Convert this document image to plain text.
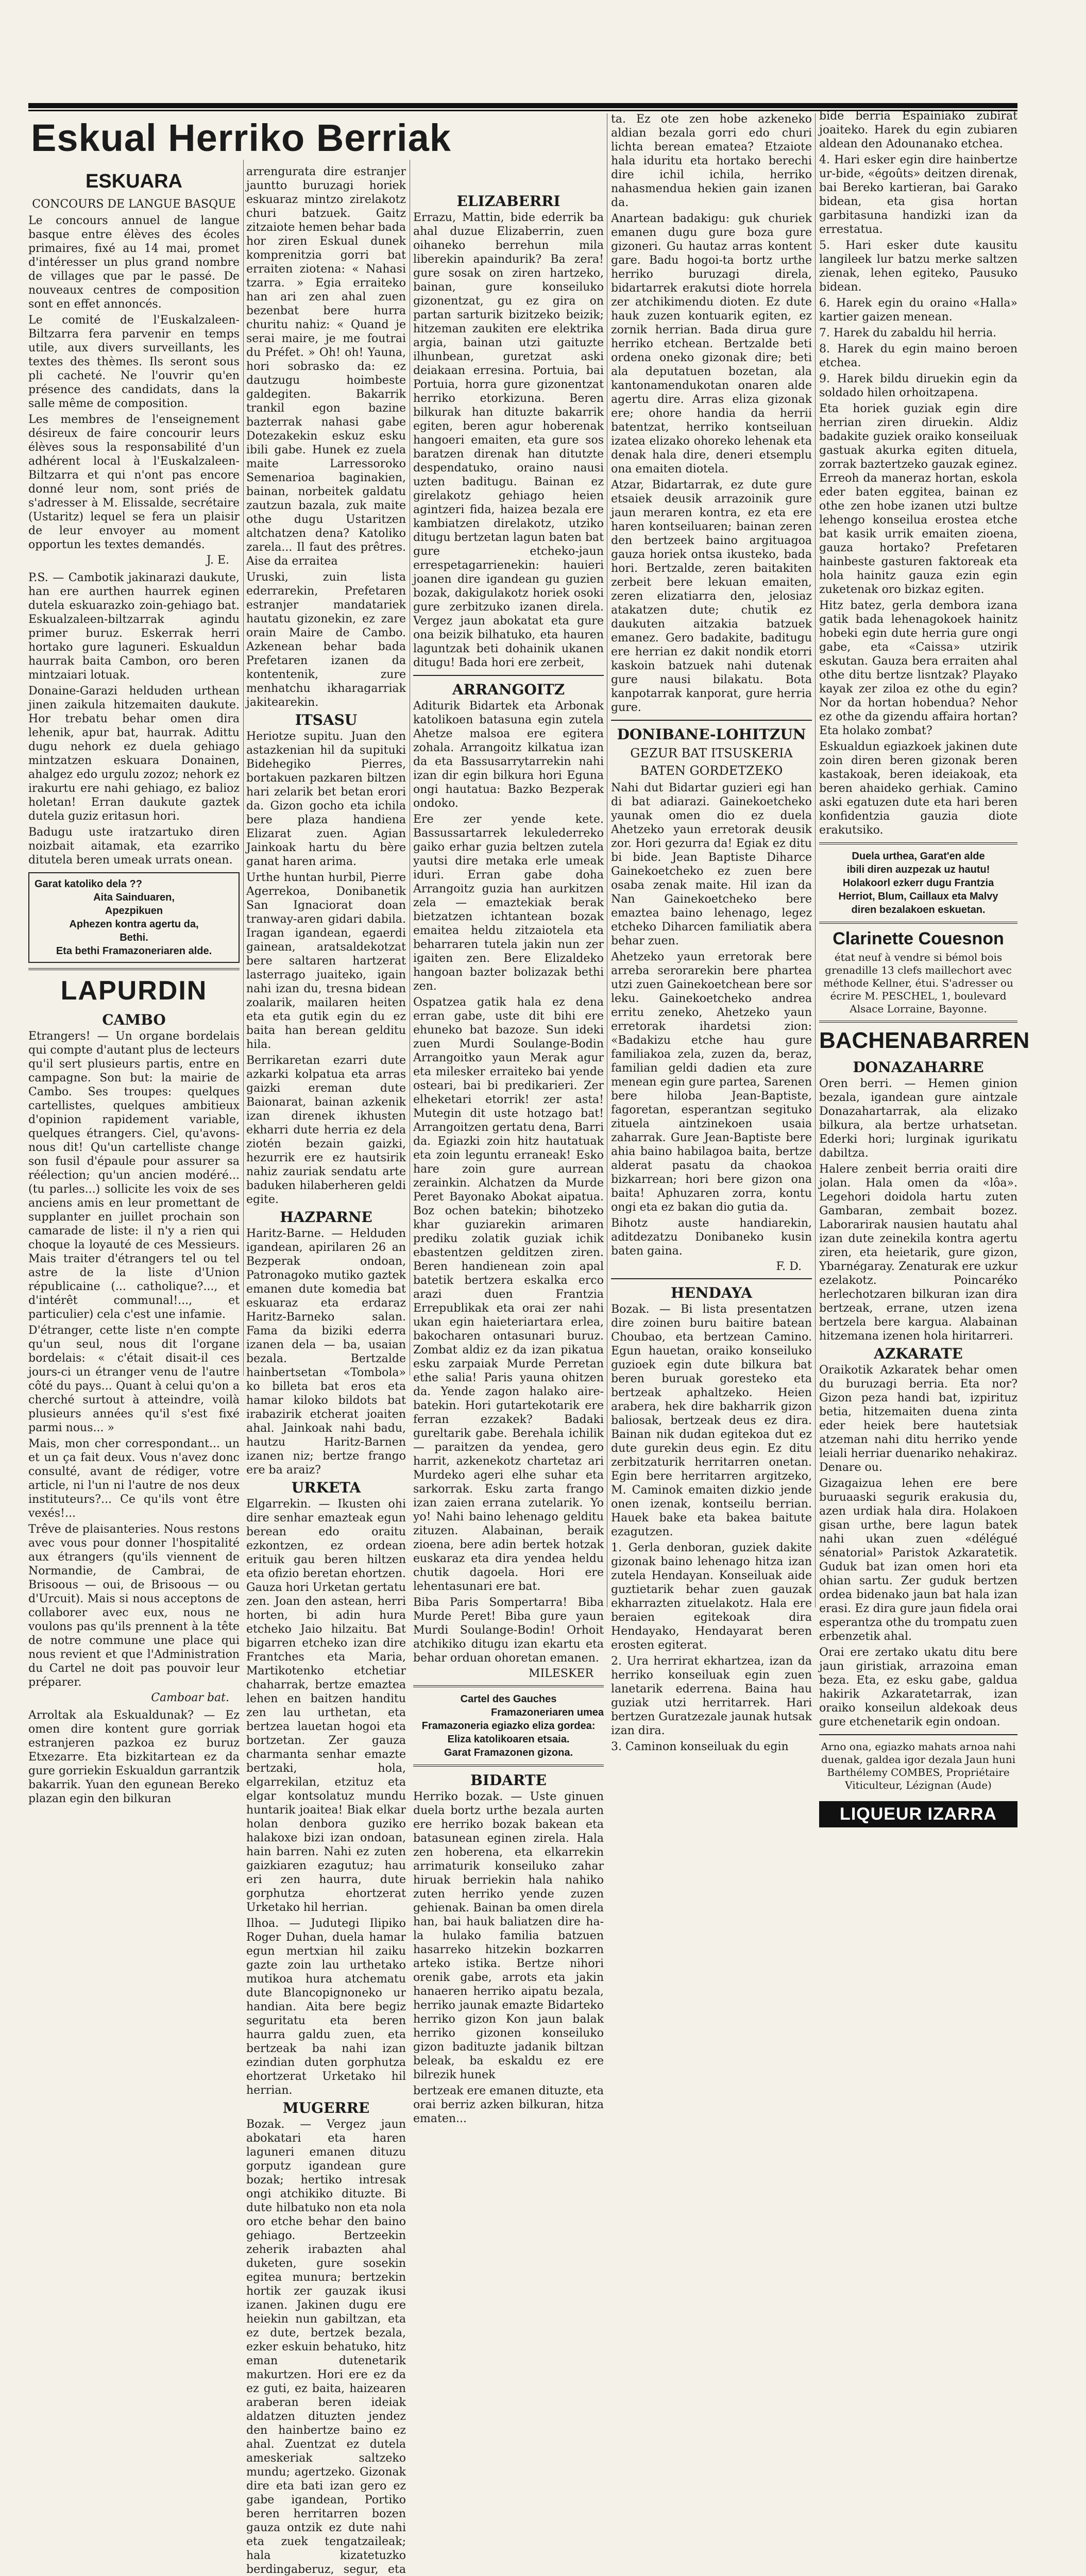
Eskual Herriko Berriak
ESKUARA
CONCOURS DE LANGUE BASQUE

Le concours annuel de langue basque entre élèves des écoles primaires, fixé au 14 mai, promet d'intéresser un plus grand nombre de villages que par le passé. De nouveaux centres de composition sont en effet annoncés.

Le comité de l'Euskalzaleen-Biltzarra fera parvenir en temps utile, aux divers surveillants, les textes des thèmes. Ils seront sous pli cacheté. Ne l'ouvrir qu'en présence des candidats, dans la salle même de composition.

Les membres de l'enseignement désireux de faire concourir leurs élèves sous la responsabilité d'un adhérent local à l'Euskalzaleen-Biltzarra et qui n'ont pas encore donné leur nom, sont priés de s'adresser à M. Elissalde, secrétaire (Ustaritz) lequel se fera un plaisir de leur envoyer au moment opportun les textes demandés.

J. E.

P.S. — Cambotik jakinarazi daukute, han ere aurthen haurrek eginen dutela eskuarazko zoin-gehiago bat. Eskualzaleen-biltzarrak agindu primer buruz. Eskerrak herri hortako gure laguneri. Eskualdun haurrak baita Cambon, oro beren mintzaiari lotuak.

Donaine-Garazi helduden urthean jinen zaikula hitzemaiten daukute. Hor trebatu behar omen dira lehenik, apur bat, haurrak. Adittu dugu nehork ez duela gehiago mintzatzen eskuara Donainen, ahalgez edo urgulu zozoz; nehork ez irakurtu ere nahi gehiago, ez balioz holetan! Erran daukute gaztek dutela guziz eritasun hori.

Badugu uste iratzartuko diren noizbait aitamak, eta ezarriko ditutela beren umeak urrats onean.

Garat katoliko dela ??
Aita Sainduaren,
Apezpikuen
Aphezen kontra agertu da,
Bethi.
Eta bethi Framazoneriaren alde.
LAPURDIN
CAMBO

Etrangers! — Un organe bordelais qui compte d'autant plus de lecteurs qu'il sert plusieurs partis, entre en campagne. Son but: la mairie de Cambo. Ses troupes: quelques cartellistes, quelques ambitieux d'opinion rapidement variable, quelques étrangers. Ciel, qu'avons-nous dit! Qu'un cartelliste change son fusil d'épaule pour assurer sa réélection; qu'un ancien modéré... (tu parles...) sollicite les voix de ses anciens amis en leur promettant de supplanter en juillet prochain son camarade de liste: il n'y a rien qui choque la loyauté de ces Messieurs. Mais traiter d'étrangers tel ou tel astre de la liste d'Union républicaine (... catholique?..., et d'intérêt communal!..., et particulier) cela c'est une infamie.

D'étranger, cette liste n'en compte qu'un seul, nous dit l'organe bordelais: « c'était disait-il ces jours-ci un étranger venu de l'autre côté du pays... Quant à celui qu'on a cherché surtout à atteindre, voilà plusieurs années qu'il s'est fixé parmi nous... »

Mais, mon cher correspondant... un et un ça fait deux. Vous n'avez donc consulté, avant de rédiger, votre article, ni l'un ni l'autre de nos deux instituteurs?... Ce qu'ils vont être vexés!...

Trêve de plaisanteries. Nous restons avec vous pour donner l'hospitalité aux étrangers (qu'ils viennent de Normandie, de Cambrai, de Brisoous — oui, de Brisoous — ou d'Urcuit). Mais si nous acceptons de collaborer avec eux, nous ne voulons pas qu'ils prennent à la tête de notre commune une place qui nous revient et que l'Administration du Cartel ne doit pas pouvoir leur préparer.

Camboar bat.

Arroltak ala Eskualdunak? — Ez omen dire kontent gure gorriak estranjeren pazkoa ez buruz Etxezarre. Eta bizkitartean ez da gure gorriekin Eskualdun garrantzik bakarrik. Yuan den egunean Bereko plazan egin den bilkuran

arrengurata dire estranjer jauntto buruzagi horiek eskuaraz mintzo zirelakotz churi batzuek. Gaitz zitzaiote hemen behar bada hor ziren Eskual dunek komprenitzia gorri bat erraiten ziotena: « Nahasi tzarra. » Egia erraiteko han ari zen ahal zuen bezenbat bere hurra churitu nahiz: « Quand je serai maire, je me foutrai du Préfet. » Oh! oh! Yauna, hori sobrasko da: ez dautzugu hoimbeste galdegiten. Bakarrik trankil egon bazine bazterrak nahasi gabe Dotezakekin eskuz esku ibili gabe. Hunek ez zuela maite Larressoroko Semenarioa baginakien, bainan, norbeitek galdatu zautzun bazala, zuk maite othe dugu Ustaritzen altchatzen dena? Katoliko zarela... Il faut des prêtres. Aise da erraitea

Uruski, zuin lista ederrarekin, Prefetaren estranjer mandatariek hautatu gizonekin, ez zare orain Maire de Cambo. Azkenean behar bada Prefetaren izanen da kontentenik, zure menhatchu ikharagarriak jakitearekin.

ITSASU

Heriotze supitu. Juan den astazkenian hil da supituki Bidehegiko Pierres, bortakuen pazkaren biltzen hari zelarik bet betan erori da. Gizon gocho eta ichila bere plaza handiena Elizarat zuen. Agian Jainkoak hartu du bère ganat haren arima.

Urthe huntan hurbil, Pierre Agerrekoa, Donibanetik San Ignaciorat doan tranway-aren gidari dabila. Iragan igandean, egaerdi gainean, aratsaldekotzat bere saltaren hartzerat lasterrago juaiteko, igain nahi izan du, tresna bidean zoalarik, mailaren heiten eta eta gutik egin du ez baita han berean gelditu hila.

Berrikaretan ezarri dute azkarki kolpatua eta arras gaizki ereman dute Baionarat, bainan azkenik izan direnek ikhusten ekharri dute herria ez dela ziotén bezain gaizki, hezurrik ere ez hautsirik nahiz zauriak sendatu arte baduken hilaberheren geldi egite.

HAZPARNE

Haritz-Barne. — Helduden igandean, apirilaren 26 an Bezperak ondoan, Patronagoko mutiko gaztek emanen dute komedia bat eskuaraz eta erdaraz Haritz-Barneko salan. Fama da biziki ederra izanen dela — ba, usaian bezala. Bertzalde hainbertsetan «Tombola» ko billeta bat eros eta hamar kiloko bildots bat irabazirik etcherat joaiten ahal. Jainkoak nahi badu, hautzu Haritz-Barnen izanen niz; bertze frango ere ba araiz?

URKETA

Elgarrekin. — Ikusten ohi dire senhar emazteak egun berean edo oraitu ezkontzen, ez ordean erituik gau beren hiltzen eta ofizio beretan ehortzen. Gauza hori Urketan gertatu zen. Joan den astean, herri horten, bi adin hura etcheko Jaio hilzaitu. Bat bigarren etcheko izan dire Frantches eta Maria, Martikotenko etchetiar chaharrak, bertze emaztea lehen en baitzen handitu zen lau urthetan, eta bertzea lauetan hogoi eta bortzetan. Zer gauza charmanta senhar emazte bertzaki, hola, elgarrekilan, etzituz eta elgar kontsolatuz mundu huntarik joaitea! Biak elkar holan denbora guziko halakoxe bizi izan ondoan, hain barren. Nahi ez zuten gaizkiaren ezagutuz; hau eri zen haurra, dute gorphutza ehortzerat Urketako hil herrian.

Ilhoa. — Judutegi Ilipiko Roger Duhan, duela hamar egun mertxian hil zaiku gazte zoin lau urthetako mutikoa hura atchematu dute Blancopignoneko ur handian. Aita bere begiz seguritatu eta beren haurra galdu zuen, eta bertzeak ba nahi izan ezindian duten gorphutza ehortzerat Urketako hil herrian.

MUGERRE

Bozak. — Vergez jaun abokatari eta haren laguneri emanen dituzu gorputz igandean gure bozak; hertiko intresak ongi atchikiko dituzte. Bi dute hilbatuko non eta nola oro etche behar den baino gehiago. Bertzeekin zeherik irabazten ahal duketen, gure sosekin egitea munura; bertzekin hortik zer gauzak ikusi izanen. Jakinen dugu ere heiekin nun gabiltzan, eta ez dute, bertzek bezala, ezker eskuin behatuko, hitz eman dutenetarik makurtzen. Hori ere ez da ez guti, ez baita, haizearen araberan beren ideiak aldatzen dituzten jendez den hainbertze baino ez ahal. Zuentzat ez dutela ameskeriak saltzeko mundu; agertzeko. Gizonak dire eta bati izan gero ez gabe igandean, Portiko beren herritarren bozen gauza ontzik ez dute nahi eta zuek tengatzaileak; hala kizatetuzko berdingaberuz, segur, eta

ELIZABERRI

Errazu, Mattin, bide ederrik ba ahal duzue Elizaberrin, zuen oihaneko berrehun mila liberekin apaindurik? Ba zera! gure sosak on ziren hartzeko, bainan, gure konseiluko gizonentzat, gu ez gira on partan sarturik bizitzeko beizik; hitzeman zaukiten ere elektrika argia, bainan utzi gaituzte ilhunbean, guretzat aski deiakaan erresina. Portuia, bai Portuia, horra gure gizonentzat herriko etorkizuna. Beren bilkurak han dituzte bakarrik egiten, beren agur hoberenak hangoeri emaiten, eta gure sos baratzen direnak han ditutzte despendatuko, oraino nausi uzten baditugu. Bainan ez girelakotz gehiago heien agintzeri fida, haizea bezala ere kambiatzen direlakotz, utziko ditugu bertzetan lagun baten bat gure etcheko-jaun errespetagarrienekin: hauieri joanen dire igandean gu guzien bozak, dakigulakotz horiek osoki gure zerbitzuko izanen direla. Vergez jaun abokatat eta gure ona beizik bilhatuko, eta hauren laguntzak beti dohainik ukanen ditugu! Bada hori ere zerbeit,

ARRANGOITZ

Aditurik Bidartek eta Arbonak katolikoen batasuna egin zutela Ahetze malsoa ere egitera zohala. Arrangoitz kilkatua izan da eta Bassusarrytarrekin nahi izan dir egin bilkura hori Eguna ongi hautatua: Bazko Bezperak ondoko.

Ere zer yende kete. Bassussartarrek lekulederreko gaiko erhar guzia beltzen zutela yautsi dire metaka erle umeak iduri. Erran gabe doha Arrangoitz guzia han aurkitzen zela — emaztekiak berak bietzatzen ichtantean bozak emaitea heldu zitzaiotela eta beharraren tutela jakin nun zer igaiten zen. Bere Elizaldeko hangoan bazter bolizazak bethi zen.

Ospatzea gatik hala ez dena erran gabe, uste dit bihi ere ehuneko bat bazoze. Sun ideki zuen Murdi Soulange-Bodin Arrangoitko yaun Merak agur eta milesker erraiteko bai yende osteari, bai bi predikarieri. Zer elheketari etorrik! zer asta! Mutegin dit uste hotzago bat! Arrangoitzen gertatu dena, Barri da. Egiazki zoin hitz hautatuak eta zoin leguntu erraneak! Esko hare zoin gure aurrean zerainkin. Alchatzen da Murde Peret Bayonako Abokat aipatua. Boz ochen batekin; bihotzeko khar guziarekin arimaren prediku zolatik guziak ichik ebastentzen gelditzen ziren. Beren handienean zoin apal batetik bertzera eskalka erco arazi duen Frantzia Errepublikak eta orai zer nahi ukan egin haieteriartara erlea, bakocharen ontasunari buruz. Zombat aldiz ez da izan pikatua esku zarpaiak Murde Perretan ethe salia! Paris yauna ohitzen da. Yende zagon halako aire-batekin. Hori gutartekotarik ere ferran ezzakek? Badaki gureltarik gabe. Berehala ichilik — paraitzen da yendea, gero harrit, azkenekotz chartetaz ari Murdeko ageri elhe suhar eta sarkorrak. Esku zarta frango izan zaien errana zutelarik. Yo yo! Nahi baino lehenago gelditu zituzen. Alabainan, beraik zioena, bere adin bertek hotzak euskaraz eta dira yendea heldu chutik dagoela. Hori ere lehentasunari ere bat.

Biba Paris Sompertarra! Biba Murde Peret! Biba gure yaun Murdi Soulange-Bodin! Orhoit atchikiko ditugu izan ekartu eta behar orduan ohoretan emanen.

MILESKER
Cartel des Gauches
Framazoneriaren umea
Framazoneria egiazko eliza gordea:
Eliza katolikoaren etsaia.
Garat Framazonen gizona.
BIDARTE

Herriko bozak. — Uste ginuen duela bortz urthe bezala aurten ere herriko bozak bakean eta batasunean eginen zirela. Hala zen hoberena, eta elkarrekin arrimaturik konseiluko zahar hiruak berriekin hala nahiko zuten herriko yende zuzen gehienak. Bainan ba omen direla han, bai hauk baliatzen dire ha-la hulako familia batzuen hasarreko hitzekin bozkarren arteko istika. Bertze nihori orenik gabe, arrots eta jakin hanaeren herriko aipatu bezala, herriko jaunak emazte Bidarteko herriko gizon Kon jaun balak herriko gizonen konseiluko gizon badituzte jadanik biltzan beleak, ba eskaldu ez ere bilrezik hunek

bertzeak ere emanen dituzte, eta orai berriz azken bilkuran, hitza ematen...

ta. Ez ote zen hobe azkeneko aldian bezala gorri edo churi lichta berean ematea? Etzaiote hala iduritu eta hortako berechi dire ichil ichila, herriko nahasmendua hekien gain izanen da.

Anartean badakigu: guk churiek emanen dugu gure boza gure gizoneri. Gu hautaz arras kontent gare. Badu hogoi-ta bortz urthe herriko buruzagi direla, bidartarrek erakutsi diote horrela zer atchikimendu dioten. Ez dute hauk zuzen kontuarik egiten, ez zornik herrian. Bada dirua gure herriko etchean. Bertzalde beti ordena oneko gizonak dire; beti ala deputatuen bozetan, ala kantonamendukotan onaren alde agertu dire. Arras eliza gizonak ere; ohore handia da herrii batentzat, herriko kontseiluan izatea elizako ohoreko lehenak eta denak hala dire, deneri etsemplu ona emaiten diotela.

Atzar, Bidartarrak, ez dute gure etsaiek deusik arrazoinik gure jaun meraren kontra, ez eta ere haren kontseiluaren; bainan zeren den bertzeek baino argituagoa gauza horiek ontsa ikusteko, bada hori. Bertzalde, zeren baitakiten zerbeit bere lekuan emaiten, zeren elizatiarra den, jelosiaz atakatzen dute; chutik ez daukuten aitzakia batzuek emanez. Gero badakite, baditugu ere herrian ez dakit nondik etorri kaskoin batzuek nahi dutenak gure nausi bilakatu. Bota kanpotarrak kanporat, gure herria gure.

DONIBANE-LOHITZUN
GEZUR BAT ITSUSKERIA
BATEN GORDETZEKO

Nahi dut Bidartar guzieri egi han di bat adiarazi. Gainekoetcheko yaunak omen dio ez duela Ahetzeko yaun erretorak deusik zor. Hori gezurra da! Egiak ez ditu bi bide. Jean Baptiste Diharce Gainekoetcheko ez zuen bere osaba zenak maite. Hil izan da Nan Gainekoetcheko bere emaztea baino lehenago, legez etcheko Diharcen familiatik abera behar zuen.

Ahetzeko yaun erretorak bere arreba serorarekin bere phartea utzi zuen Gainekoetchean bere sor leku. Gainekoetcheko andrea erritu zeneko, Ahetzeko yaun erretorak ihardetsi zion: «Badakizu etche hau gure familiakoa zela, zuzen da, beraz, familian geldi dadien eta zure menean egin gure partea, Sarenen bere hiloba Jean-Baptiste, fagoretan, esperantzan segituko zituela aintzinekoen usaia zaharrak. Gure Jean-Baptiste bere ahia baino habilagoa baita, bertze alderat pasatu da chaokoa bizkarrean; hori bere gizon ona baita! Aphuzaren zorra, kontu ongi eta ez bakan dio gutia da.

Bihotz auste handiarekin, aditdezatzu Donibaneko kusin baten gaina.

F. D.
HENDAYA

Bozak. — Bi lista presentatzen dire zoinen buru baitire batean Choubao, eta bertzean Camino. Egun hauetan, oraiko konseiluko guzioek egin dute bilkura bat beren buruak goresteko eta bertzeak aphaltzeko. Heien arabera, hek dire bakharrik gizon baliosak, bertzeak deus ez dira. Bainan nik dudan egitekoa dut ez dute gurekin deus egin. Ez ditu zerbitzaturik herritarren onetan. Egin bere herritarren argitzeko, M. Caminok emaiten dizkio jende onen izenak, kontseilu berrian. Hauek bake eta bakea baitute ezagutzen.

1. Gerla denboran, guziek dakite gizonak baino lehenago hitza izan zutela Hendayan. Konseiluak aide guztietarik behar zuen gauzak ekharrazten zituelakotz. Hala ere beraien egitekoak dira Hendayako, Hendayarat beren erosten egiterat.

2. Ura herrirat ekhartzea, izan da herriko konseiluak egin zuen lanetarik ederrena. Baina hau guziak utzi herritarrek. Hari bertzen Guratzezale jaunak hutsak izan dira.

3. Caminon konseiluak du egin

bide berria Espainiako zubirat joaiteko. Harek du egin zubiaren aldean den Adounanako etchea.

4. Hari esker egin dire hainbertze ur-bide, «égoûts» deitzen direnak, bai Bereko kartieran, bai Garako bidean, eta gisa hortan garbitasuna handizki izan da errestatua.

5. Hari esker dute kausitu langileek lur batzu merke saltzen zienak, lehen egiteko, Pausuko bidean.

6. Harek egin du oraino «Halla» kartier gaizen menean.

7. Harek du zabaldu hil herria.

8. Harek du egin maino beroen etchea.

9. Harek bildu diruekin egin da soldado hilen orhoitzapena.

Eta horiek guziak egin dire herrian ziren diruekin. Aldiz badakite guziek oraiko konseiluak gastuak akurka egiten dituela, zorrak baztertzeko gauzak eginez. Erreoh da maneraz hortan, eskola eder baten eggitea, bainan ez othe zen hobe izanen utzi bultze lehengo konseilua erostea etche bat kasik urrik emaiten zioena, gauza hortako? Prefetaren hainbeste gasturen faktoreak eta hola hainitz gauza ezin egin zuketenak oro bizkaz egiten.

Hitz batez, gerla dembora izana gatik bada lehenagokoek hainitz hobeki egin dute herria gure ongi gabe, eta «Caissa» utzirik eskutan. Gauza bera erraiten ahal othe ditu bertze lisntzak? Playako kayak zer ziloa ez othe du egin? Nor da hortan hobendua? Nehor ez othe da gizendu affaira hortan? Eta holako zombat?

Eskualdun egiazkoek jakinen dute zoin diren beren gizonak beren kastakoak, beren ideiakoak, eta beren ahaideko gerhiak. Camino aski egatuzen dute eta hari beren konfidentzia gauzia diote erakutsiko.

Duela urthea, Garat'en alde
ibili diren auzpezak uz hautu!
Holakoorl ezkerr dugu Frantzia
Herriot, Blum, Caillaux eta Malvy
diren bezalakoen eskuetan.
Clarinette Couesnon
état neuf à vendre si bémol bois grenadille 13 clefs maillechort avec méthode Kellner, étui. S'adresser ou écrire M. PESCHEL, 1, boulevard Alsace Lorraine, Bayonne.
BACHENABARREN
DONAZAHARRE

Oren berri. — Hemen ginion bezala, igandean gure aintzale Donazahartarrak, ala elizako bilkura, ala bertze urhatsetan. Ederki hori; lurginak igurikatu dabiltza.

Halere zenbeit berria oraiti dire jolan. Hala omen da «lôa». Legehori doidola hartu zuten Gambaran, zembait bozez. Laborarirak nausien hautatu ahal izan dute zeinekila kontra agertu ziren, eta heietarik, gure gizon, Ybarnégaray. Zenaturak ere uzkur ezelakotz. Poincaréko herlechotzaren bilkuran izan dira bertzeak, errane, utzen izena bertzela bere kargua. Alabainan hitzemana izenen hola hiritarreri.

AZKARATE

Oraikotik Azkaratek behar omen du buruzagi berria. Eta nor? Gizon peza handi bat, izpirituz betia, hitzemaiten duena zinta eder heiek bere hautetsiak atzeman nahi ditu herriko yende leiali herriar duenariko nehakiraz. Denare ou.

Gizagaizua lehen ere bere buruaaski segurik erakusia du, azen urdiak hala dira. Holakoen gisan urthe, bere lagun batek nahi ukan zuen «délégué sénatorial» Paristok Azkaratetik. Guduk bat izan omen hori eta ohian sartu. Zer guduk bertzen ordea bidenako jaun bat hala izan erasi. Ez dira gure jaun fidela orai esperantza othe du trompatu zuen erbenzetik ahal.

Orai ere zertako ukatu ditu bere jaun giristiak, arrazoina eman beza. Eta, ez esku gabe, galdua hakirik Azkaratetarrak, izan oraiko konseilun aldekoak deus gure etchenetarik egin ondoan.

Arno ona, egiazko mahats arnoa nahi duenak, galdea igor dezala Jaun huni Barthélemy COMBES, Propriétaire Viticulteur, Lézignan (Aude)
LIQUEUR IZARRA
